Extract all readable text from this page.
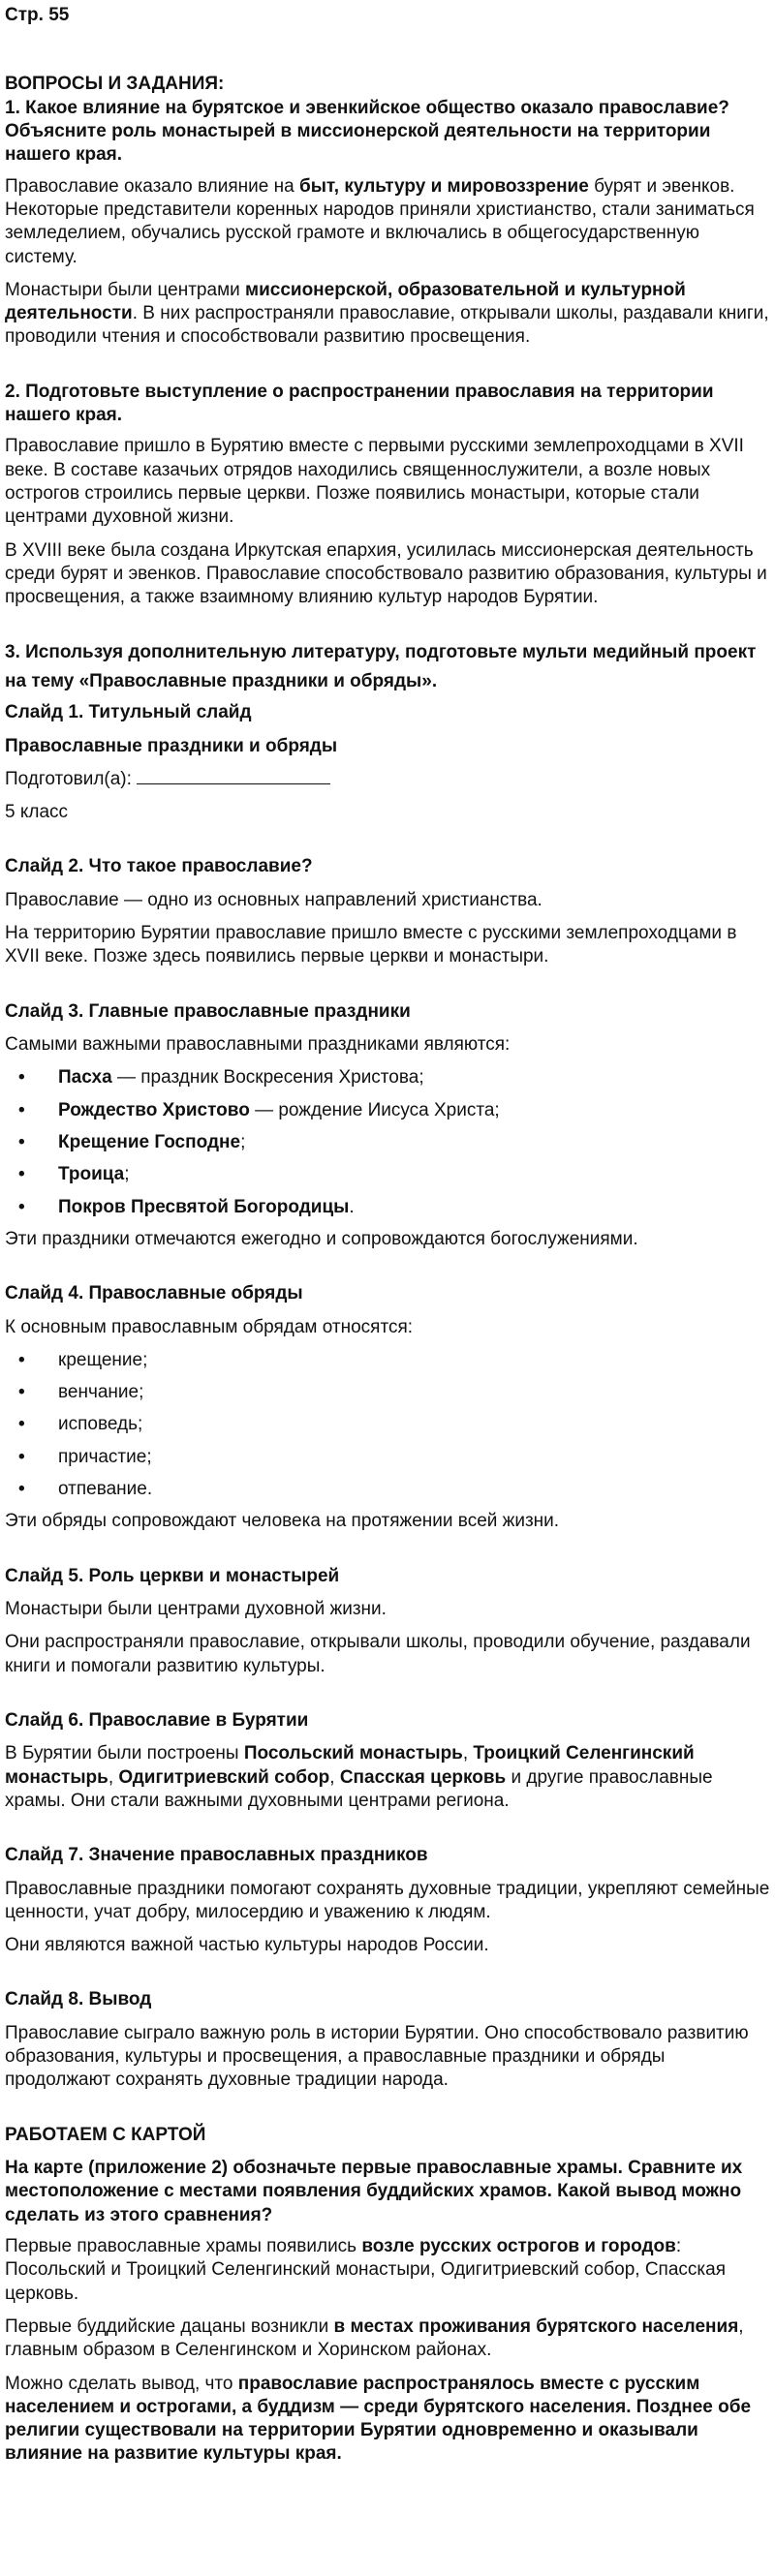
Стр. 55
ВОПРОСЫ И ЗАДАНИЯ:
1. Какое влияние на бурятское и эвенкийское общество оказало православие? Объясните роль монастырей в миссионерской деятельности на территории нашего края.

Православие оказало влияние на быт, культуру и мировоззрение бурят и эвенков. Некоторые представители коренных народов приняли христианство, стали заниматься земледелием, обучались русской грамоте и включались в общегосударственную систему.

Монастыри были центрами миссионерской, образовательной и культурной деятельности. В них распространяли православие, открывали школы, раздавали книги, проводили чтения и способствовали развитию просвещения.

2. Подготовьте выступление о распространении православия на территории нашего края.

Православие пришло в Бурятию вместе с первыми русскими землепроходцами в XVII веке. В составе казачьих отрядов находились священнослужители, а возле новых острогов строились первые церкви. Позже появились монастыри, которые стали центрами духовной жизни.

В XVIII веке была создана Иркутская епархия, усилилась миссионерская деятельность среди бурят и эвенков. Православие способствовало развитию образования, культуры и просвещения, а также взаимному влиянию культур народов Бурятии.

3. Используя дополнительную литературу, подготовьте мульти медийный проект
на тему «Православные праздники и обряды».
Слайд 1. Титульный слайд
Православные праздники и обряды

Подготовил(а):

5 класс

Слайд 2. Что такое православие?

Православие — одно из основных направлений христианства.

На территорию Бурятии православие пришло вместе с русскими землепроходцами в XVII веке. Позже здесь появились первые церкви и монастыри.

Слайд 3. Главные православные праздники

Самыми важными православными праздниками являются:

• Пасха — праздник Воскресения Христова;
• Рождество Христово — рождение Иисуса Христа;
• Крещение Господне;
• Троица;
• Покров Пресвятой Богородицы.

Эти праздники отмечаются ежегодно и сопровождаются богослужениями.

Слайд 4. Православные обряды

К основным православным обрядам относятся:

• крещение;
• венчание;
• исповедь;
• причастие;
• отпевание.

Эти обряды сопровождают человека на протяжении всей жизни.

Слайд 5. Роль церкви и монастырей

Монастыри были центрами духовной жизни.

Они распространяли православие, открывали школы, проводили обучение, раздавали книги и помогали развитию культуры.

Слайд 6. Православие в Бурятии

В Бурятии были построены Посольский монастырь, Троицкий Селенгинский монастырь, Одигитриевский собор, Спасская церковь и другие православные храмы. Они стали важными духовными центрами региона.

Слайд 7. Значение православных праздников

Православные праздники помогают сохранять духовные традиции, укрепляют семейные ценности, учат добру, милосердию и уважению к людям.

Они являются важной частью культуры народов России.

Слайд 8. Вывод

Православие сыграло важную роль в истории Бурятии. Оно способствовало развитию образования, культуры и просвещения, а православные праздники и обряды продолжают сохранять духовные традиции народа.

РАБОТАЕМ С КАРТОЙ
На карте (приложение 2) обозначьте первые православные храмы. Сравните их местоположение с местами появления буддийских храмов. Какой вывод можно сделать из этого сравнения?

Первые православные храмы появились возле русских острогов и городов: Посольский и Троицкий Селенгинский монастыри, Одигитриевский собор, Спасская церковь.

Первые буддийские дацаны возникли в местах проживания бурятского населения, главным образом в Селенгинском и Хоринском районах.

Можно сделать вывод, что православие распространялось вместе с русским населением и острогами, а буддизм — среди бурятского населения. Позднее обе религии существовали на территории Бурятии одновременно и оказывали влияние на развитие культуры края.
